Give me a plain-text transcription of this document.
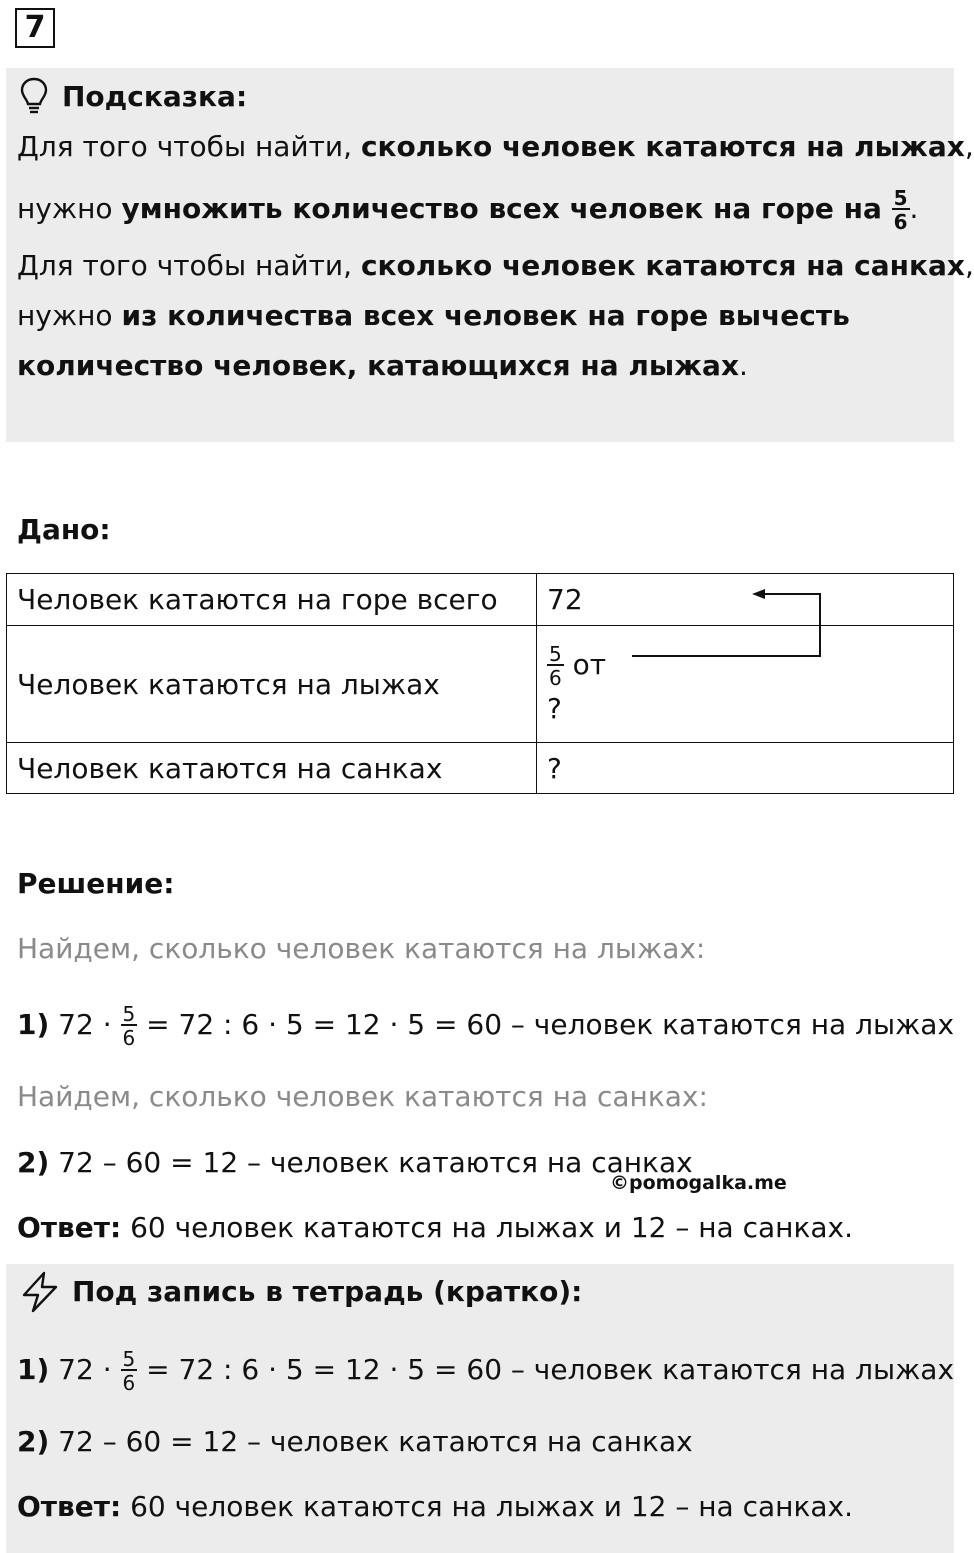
7
Подсказка:
Для того чтобы найти, сколько человек катаются на лыжах,
нужно умножить количество всех человек на горе на $\frac{5}{6}$ .
Для того чтобы найти, сколько человек катаются на санках,
нужно из количества всех человек на горе вычесть
количество человек, катающихся на лыжах.
Дано:
Человек катаются на горе всего	72
Человек катаются на лыжах	$\frac{5}{6}$ от
?

Человек катаются на санках	?
Решение:
Найдем, сколько человек катаются на лыжах:
1) $72 \cdot \frac{5}{6} = 72$ : 6 · 5 = 12 · 5 = 60 – человек катаются на лыжах
Найдем, сколько человек катаются на санках:
2) 72 – 60 = 12 – человек катаются на санках
©pomogalka.me
Ответ: 60 человек катаются на лыжах и 12 – на санках.
Под запись в тетрадь (кратко):
1) $72 \cdot \frac{5}{6} = 72$ : 6 · 5 = 12 · 5 = 60 – человек катаются на лыжах
2) 72 – 60 = 12 – человек катаются на санках
Ответ: 60 человек катаются на лыжах и 12 – на санках.
